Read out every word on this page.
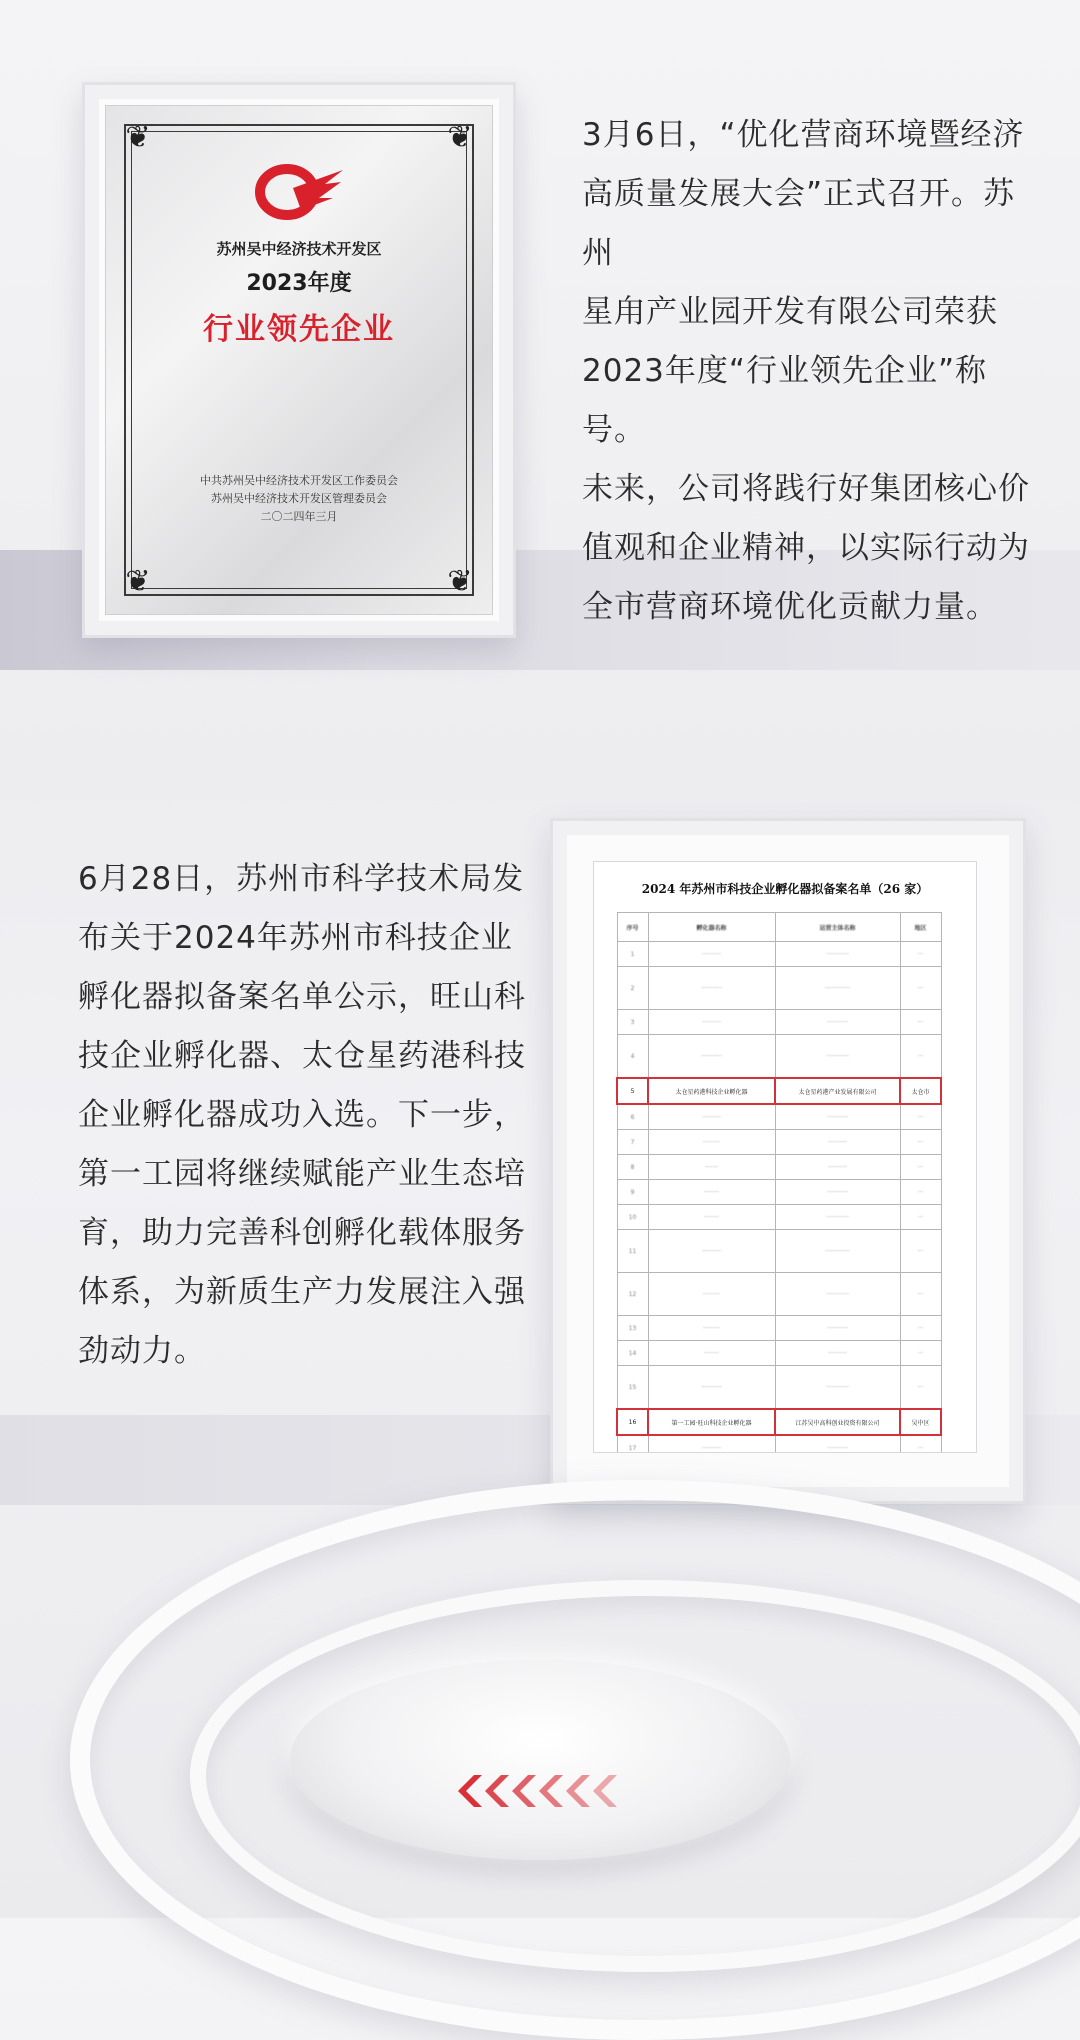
❦	❦
❦	❦
苏州吴中经济技术开发区
2023年度
行业领先企业
中共苏州吴中经济技术开发区工作委员会
苏州吴中经济技术开发区管理委员会
二〇二四年三月
3月6日，“优化营商环境暨经济
高质量发展大会”正式召开。苏州
星甪产业园开发有限公司荣获
2023年度“行业领先企业”称号。
未来，公司将践行好集团核心价
值观和企业精神，以实际行动为
全市营商环境优化贡献力量。
6月28日，苏州市科学技术局发
布关于2024年苏州市科技企业
孵化器拟备案名单公示，旺山科
技企业孵化器、太仓星药港科技
企业孵化器成功入选。下一步，
第一工园将继续赋能产业生态培
育，助力完善科创孵化载体服务
体系，为新质生产力发展注入强
劲动力。
2024 年苏州市科技企业孵化器拟备案名单（26 家）
序号	孵化器名称	运营主体名称	地区
1	··········	············	···
2	···········	·············	···
3	··········	···········	···
4	···········	············	···
5	太仓星药港科技企业孵化器	太仓星药港产业发展有限公司	太仓市
6	··········	···········	···
7	·········	··········	···
8	·······	··········	···
9	········	···········	···
10	········	············	···
11	··········	·············	···
12	·········	············	···
13	·········	···········	···
14	········	··········	···
15	···········	············	···
16	第一工园·旺山科技企业孵化器	江苏吴中高科创业投资有限公司	吴中区
17	··········	···········	···
